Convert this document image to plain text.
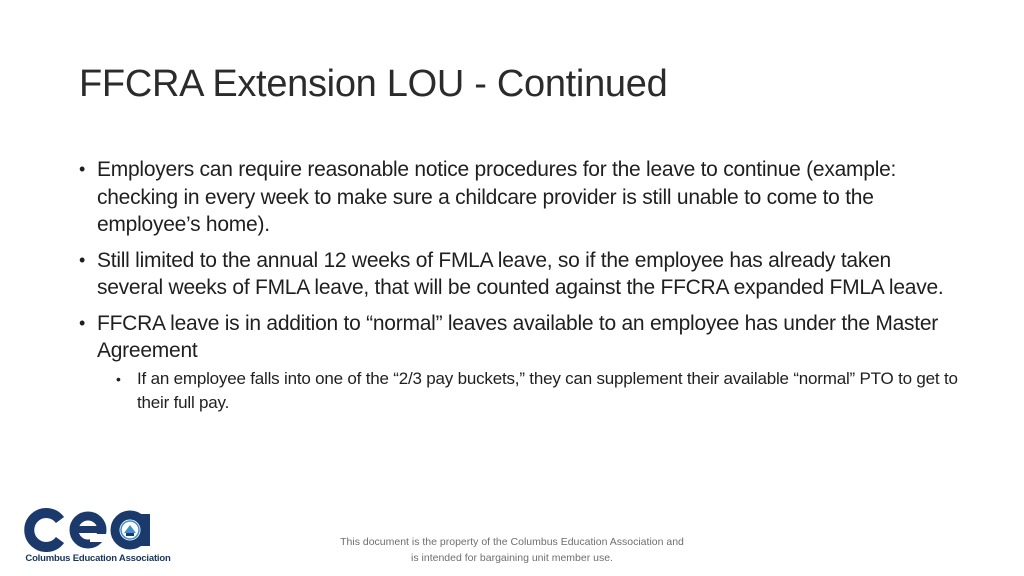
FFCRA Extension LOU - Continued
• Employers can require reasonable notice procedures for the leave to continue (example: checking in every week to make sure a childcare provider is still unable to come to the employee’s home).
• Still limited to the annual 12 weeks of FMLA leave, so if the employee has already taken several weeks of FMLA leave, that will be counted against the FFCRA expanded FMLA leave.
• FFCRA leave is in addition to “normal” leaves available to an employee has under the Master Agreement
• If an employee falls into one of the “2/3 pay buckets,” they can supplement their available “normal” PTO to get to their full pay.
Columbus Education Association
This document is the property of the Columbus Education Association and is intended for bargaining unit member use.
